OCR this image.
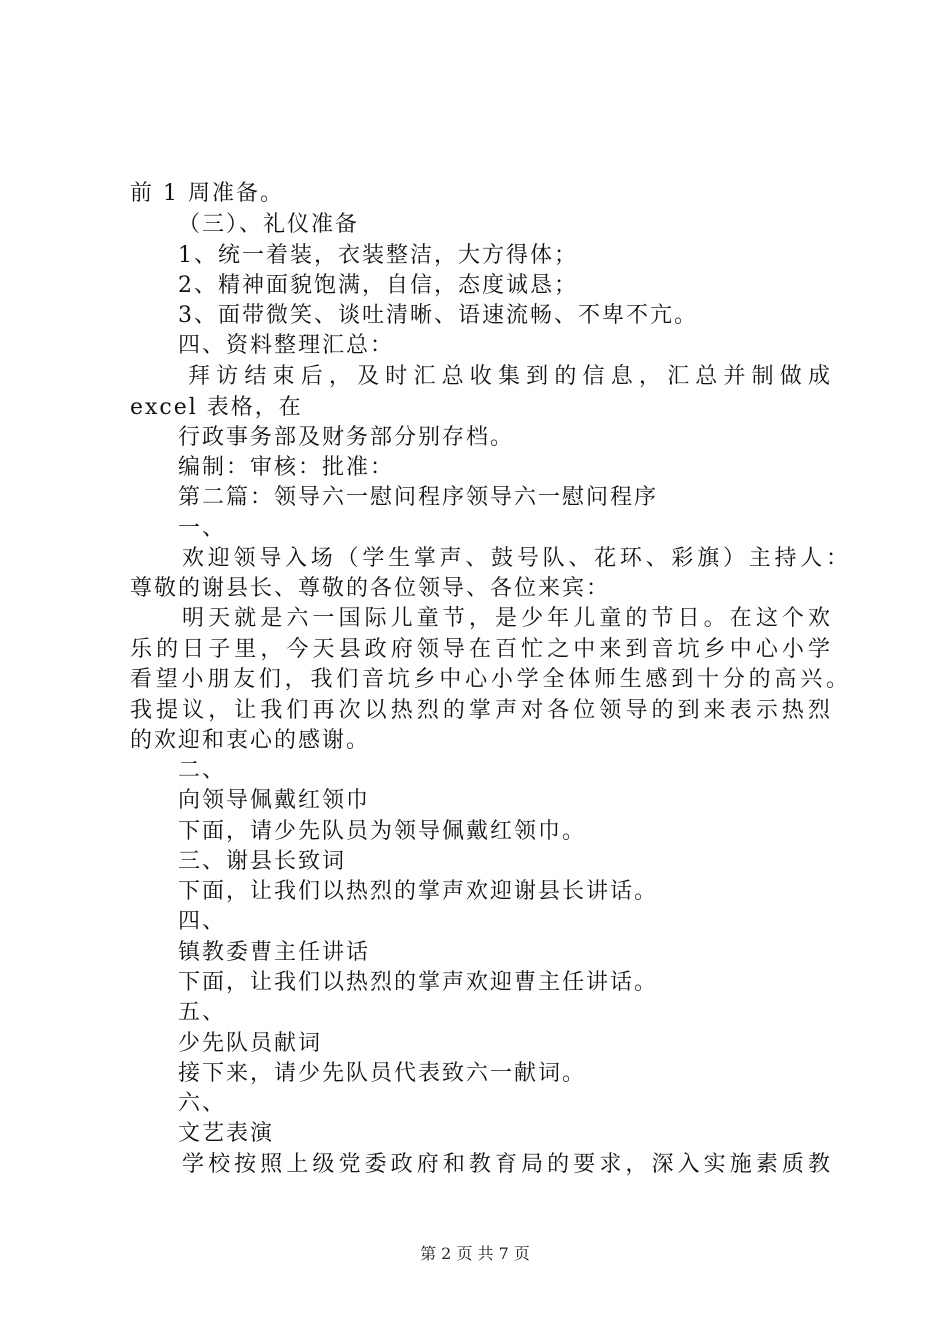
前 1 周准备。
（三）、礼仪准备
1、统一着装，衣装整洁，大方得体；
2、精神面貌饱满，自信，态度诚恳；
3、面带微笑、谈吐清晰、语速流畅、不卑不亢。
四、资料整理汇总：
拜访结束后，及时汇总收集到的信息，汇总并制做成
excel 表格，在
行政事务部及财务部分别存档。
编制：审核：批准：
第二篇：领导六一慰问程序领导六一慰问程序
一、
欢迎领导入场（学生掌声、鼓号队、花环、彩旗）主持人：
尊敬的谢县长、尊敬的各位领导、各位来宾：
明天就是六一国际儿童节，是少年儿童的节日。在这个欢
乐的日子里，今天县政府领导在百忙之中来到音坑乡中心小学
看望小朋友们，我们音坑乡中心小学全体师生感到十分的高兴。
我提议，让我们再次以热烈的掌声对各位领导的到来表示热烈
的欢迎和衷心的感谢。
二、
向领导佩戴红领巾
下面，请少先队员为领导佩戴红领巾。
三、谢县长致词
下面，让我们以热烈的掌声欢迎谢县长讲话。
四、
镇教委曹主任讲话
下面，让我们以热烈的掌声欢迎曹主任讲话。
五、
少先队员献词
接下来，请少先队员代表致六一献词。
六、
文艺表演
学校按照上级党委政府和教育局的要求，深入实施素质教
第 2 页 共 7 页
